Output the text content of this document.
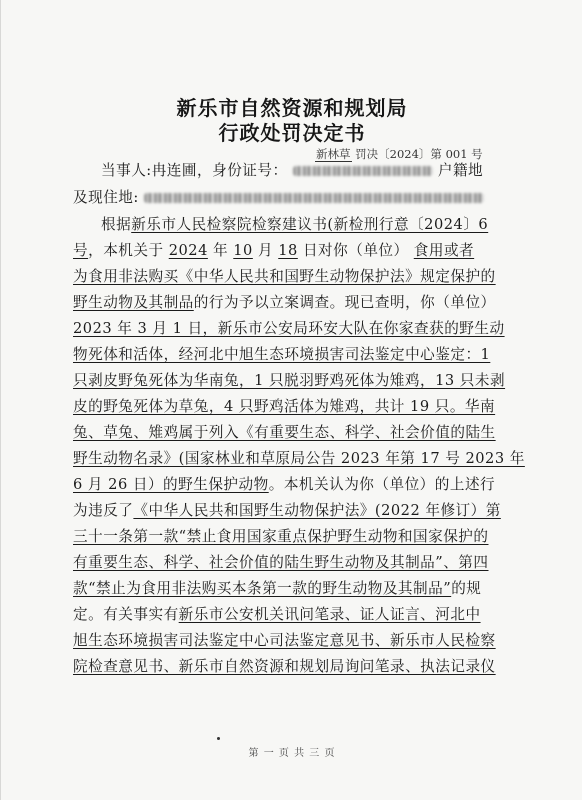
新乐市自然资源和规划局
行政处罚决定书
新林草 罚决〔2024〕第 001 号
当事人:冉连圃，身份证号：	户籍地
及现住地:
根据新乐市人民检察院检察建议书(新检刑行意〔2024〕6
号，本机关于 2024 年 10 月 18 日对你（单位） 食用或者
为食用非法购买《中华人民共和国野生动物保护法》规定保护的
野生动物及其制品的行为予以立案调查。现已查明，你（单位）
2023 年 3 月 1 日，新乐市公安局环安大队在你家查获的野生动
物死体和活体，经河北中旭生态环境损害司法鉴定中心鉴定：1
只剥皮野兔死体为华南兔，1 只脱羽野鸡死体为雉鸡，13 只未剥
皮的野兔死体为草兔，4 只野鸡活体为雉鸡，共计 19 只。华南
兔、草兔、雉鸡属于列入《有重要生态、科学、社会价值的陆生
野生动物名录》(国家林业和草原局公告 2023 年第 17 号 2023 年
6 月 26 日）的野生保护动物。本机关认为你（单位）的上述行
为违反了《中华人民共和国野生动物保护法》(2022 年修订）第
三十一条第一款“禁止食用国家重点保护野生动物和国家保护的
有重要生态、科学、社会价值的陆生野生动物及其制品”、第四
款“禁止为食用非法购买本条第一款的野生动物及其制品”的规
定。有关事实有新乐市公安机关讯问笔录、证人证言、河北中
旭生态环境损害司法鉴定中心司法鉴定意见书、新乐市人民检察
院检查意见书、新乐市自然资源和规划局询问笔录、执法记录仪
第 一 页 共 三 页
